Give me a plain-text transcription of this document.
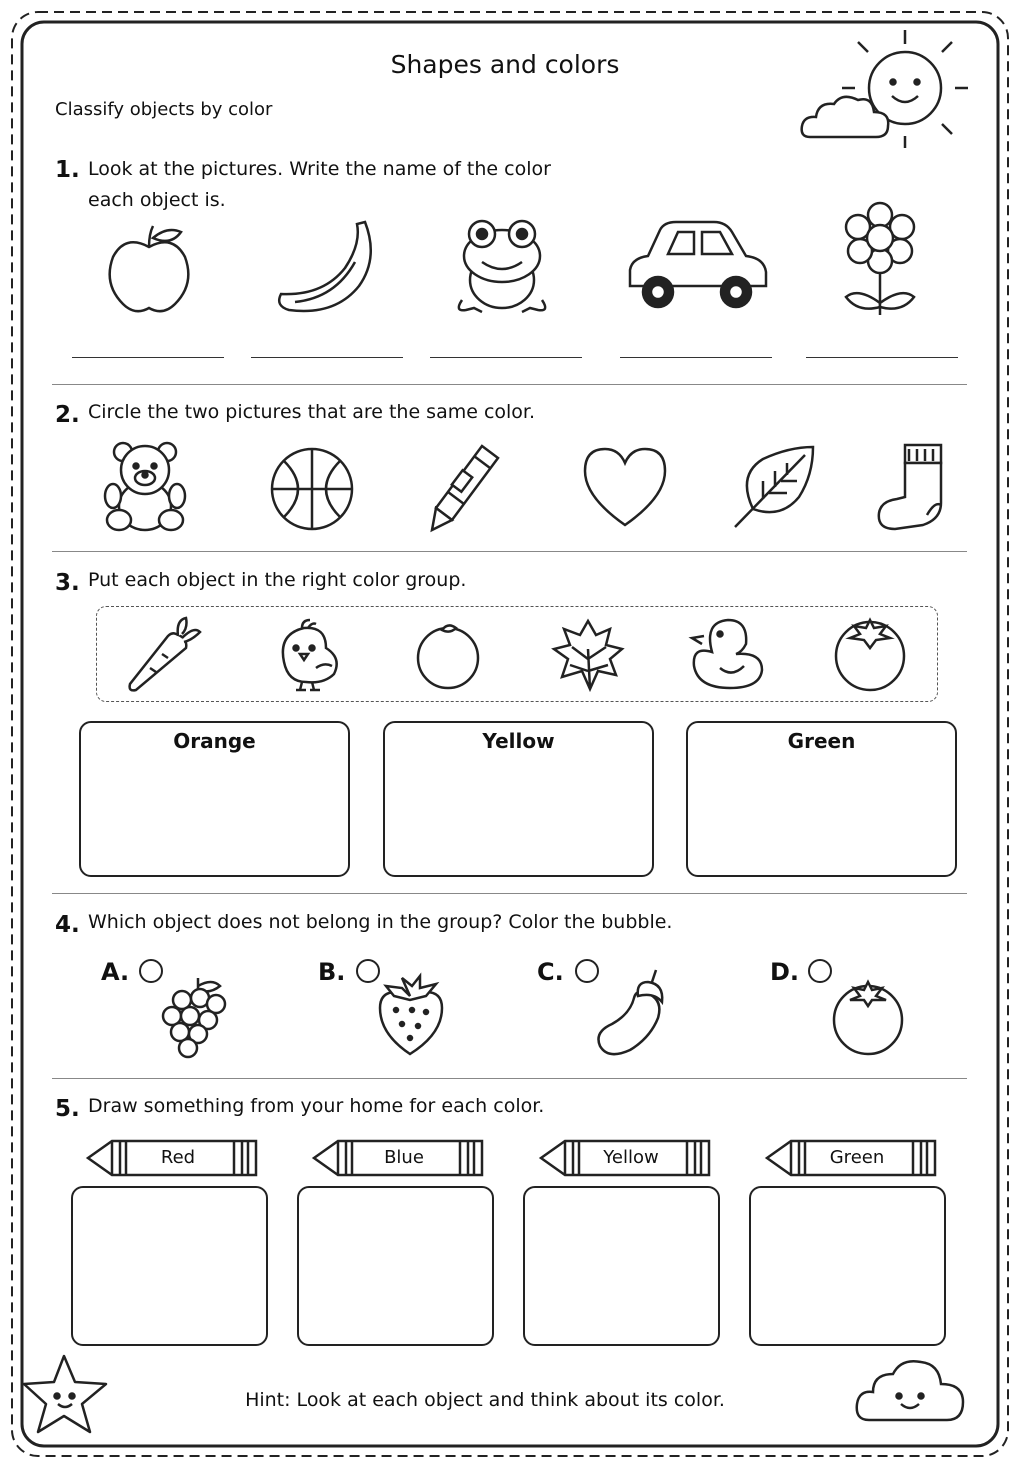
Shapes and colors
Classify objects by color
1. Look at the pictures. Write the name of the color
each object is.
2. Circle the two pictures that are the same color.
3. Put each object in the right color group.
Orange	Yellow	Green
4. Which object does not belong in the group? Color the bubble.
A.	B.	C.	D.
5. Draw something from your home for each color.
Red	Blue	Yellow	Green
Hint: Look at each object and think about its color.
